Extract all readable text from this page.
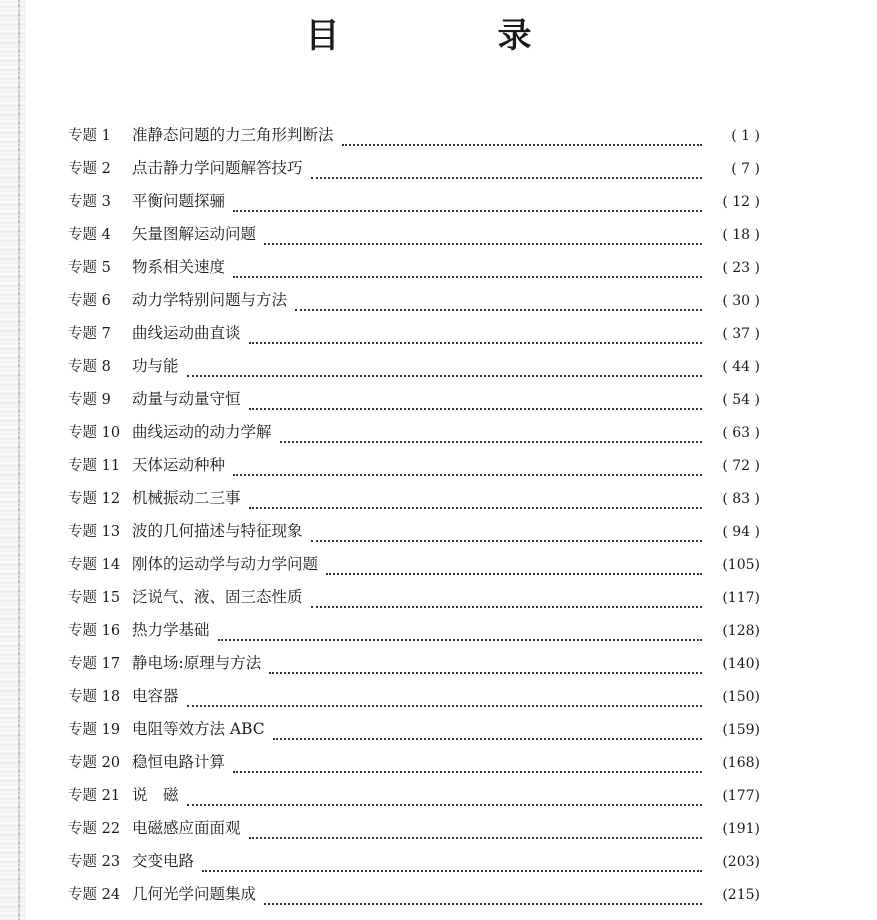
目　录
专题 1	准静态问题的力三角形判断法	( 1 )
专题 2	点击静力学问题解答技巧	( 7 )
专题 3	平衡问题探骊	( 12 )
专题 4	矢量图解运动问题	( 18 )
专题 5	物系相关速度	( 23 )
专题 6	动力学特别问题与方法	( 30 )
专题 7	曲线运动曲直谈	( 37 )
专题 8	功与能	( 44 )
专题 9	动量与动量守恒	( 54 )
专题 10 曲线运动的动力学解	( 63 )
专题 11 天体运动种种	( 72 )
专题 12 机械振动二三事	( 83 )
专题 13 波的几何描述与特征现象	( 94 )
专题 14 刚体的运动学与动力学问题	(105)
专题 15 泛说气、液、固三态性质	(117)
专题 16 热力学基础	(128)
专题 17 静电场:原理与方法	(140)
专题 18 电容器	(150)
专题 19 电阻等效方法 ABC	(159)
专题 20 稳恒电路计算	(168)
专题 21 说　磁	(177)
专题 22 电磁感应面面观	(191)
专题 23 交变电路	(203)
专题 24 几何光学问题集成	(215)
